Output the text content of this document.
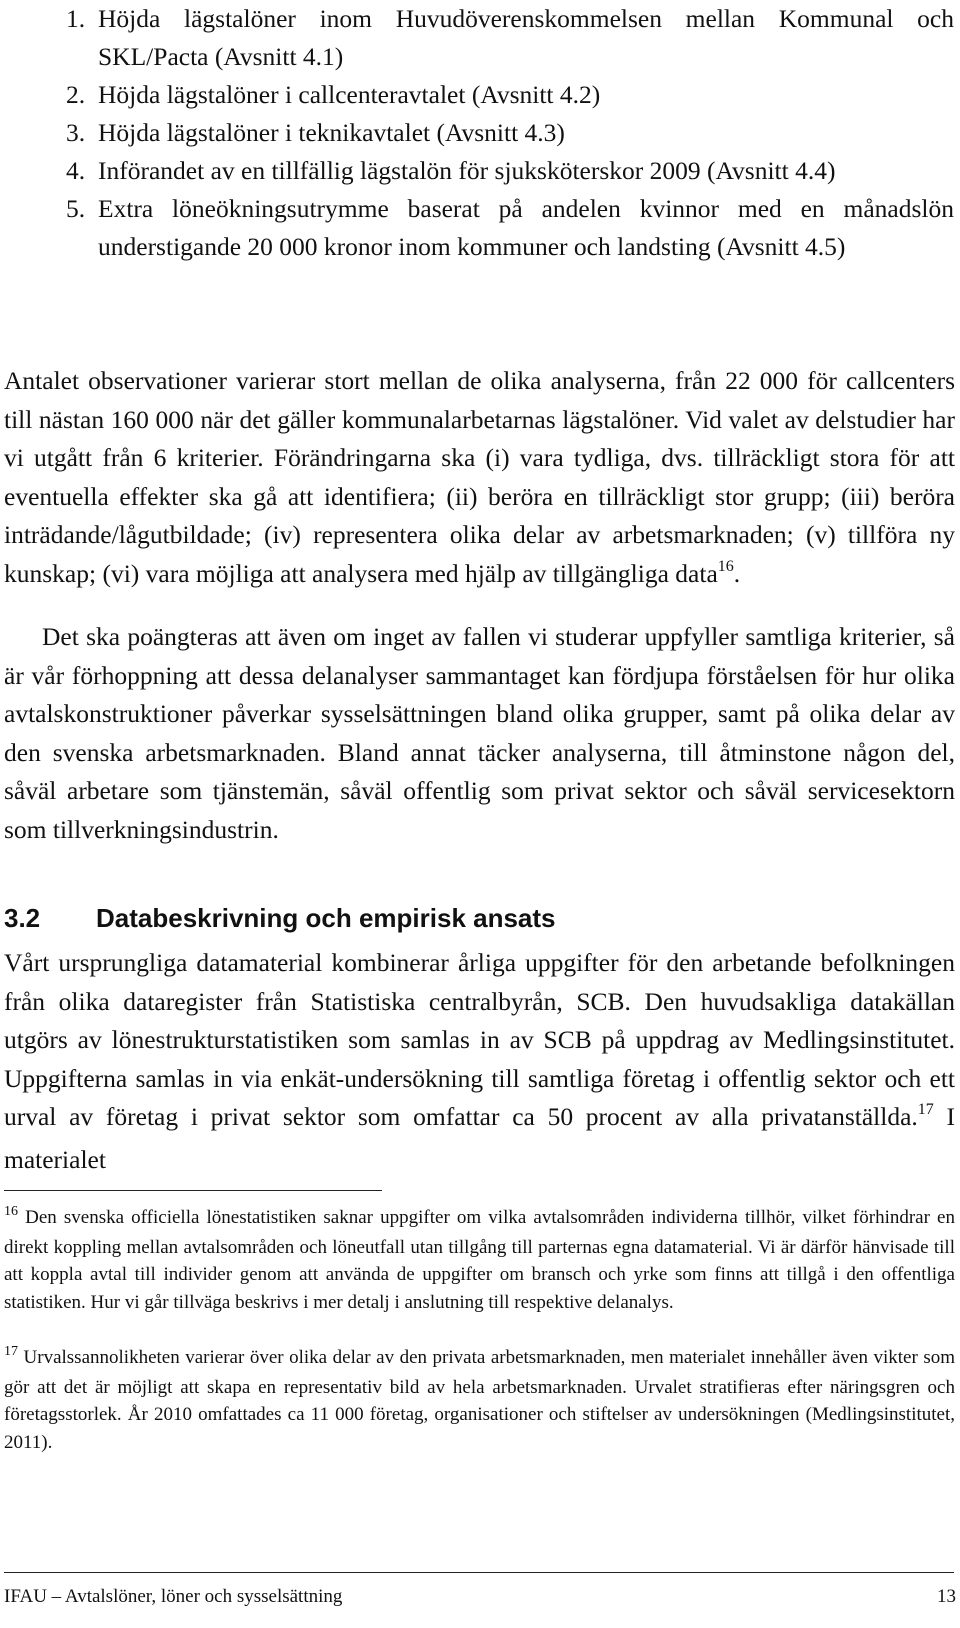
1. Höjda lägstalöner inom Huvudöverenskommelsen mellan Kommunal och SKL/Pacta (Avsnitt 4.1)
2. Höjda lägstalöner i callcenteravtalet (Avsnitt 4.2)
3. Höjda lägstalöner i teknikavtalet (Avsnitt 4.3)
4. Införandet av en tillfällig lägstalön för sjuksköterskor 2009 (Avsnitt 4.4)
5. Extra löneökningsutrymme baserat på andelen kvinnor med en månadslön understigande 20 000 kronor inom kommuner och landsting (Avsnitt 4.5)

Antalet observationer varierar stort mellan de olika analyserna, från 22 000 för callcenters till nästan 160 000 när det gäller kommunalarbetarnas lägstalöner. Vid valet av delstudier har vi utgått från 6 kriterier. Förändringarna ska (i) vara tydliga, dvs. tillräckligt stora för att eventuella effekter ska gå att identifiera; (ii) beröra en tillräckligt stor grupp; (iii) beröra inträdande/lågutbildade; (iv) representera olika delar av arbetsmarknaden; (v) tillföra ny kunskap; (vi) vara möjliga att analysera med hjälp av tillgängliga data$^{16}$.

Det ska poängteras att även om inget av fallen vi studerar uppfyller samtliga kriterier, så är vår förhoppning att dessa delanalyser sammantaget kan fördjupa förståelsen för hur olika avtalskonstruktioner påverkar sysselsättningen bland olika grupper, samt på olika delar av den svenska arbetsmarknaden. Bland annat täcker analyserna, till åtminstone någon del, såväl arbetare som tjänstemän, såväl offentlig som privat sektor och såväl servicesektorn som tillverkningsindustrin.

3.2 Databeskrivning och empirisk ansats

Vårt ursprungliga datamaterial kombinerar årliga uppgifter för den arbetande befolkningen från olika dataregister från Statistiska centralbyrån, SCB. Den huvudsakliga datakällan utgörs av lönestrukturstatistiken som samlas in av SCB på uppdrag av Medlingsinstitutet. Uppgifterna samlas in via enkät-undersökning till samtliga företag i offentlig sektor och ett urval av företag i privat sektor som omfattar ca 50 procent av alla privatanställda.$^{17}$ I materialet

$^{16}$ Den svenska officiella lönestatistiken saknar uppgifter om vilka avtalsområden individerna tillhör, vilket förhindrar en direkt koppling mellan avtalsområden och löneutfall utan tillgång till parternas egna datamaterial. Vi är därför hänvisade till att koppla avtal till individer genom att använda de uppgifter om bransch och yrke som finns att tillgå i den offentliga statistiken. Hur vi går tillväga beskrivs i mer detalj i anslutning till respektive delanalys.

$^{17}$ Urvalssannolikheten varierar över olika delar av den privata arbetsmarknaden, men materialet innehåller även vikter som gör att det är möjligt att skapa en representativ bild av hela arbetsmarknaden. Urvalet stratifieras efter näringsgren och företagsstorlek. År 2010 omfattades ca 11 000 företag, organisationer och stiftelser av undersökningen (Medlingsinstitutet, 2011).

IFAU – Avtalslöner, löner och sysselsättning	13
